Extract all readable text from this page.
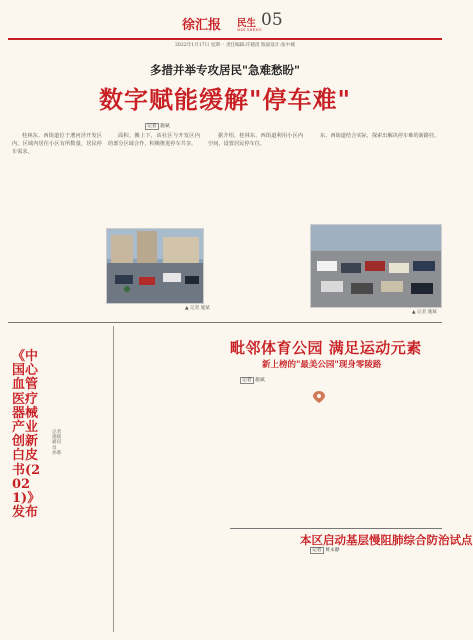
徐汇报 民生
MIN SHENG 05
2022年1月17日 星期一 责任编辑:许晓清 版面设计:张中城
多措并举专攻居民"急难愁盼"
数字赋能缓解"停车难"
记者 施斌

桂林东、西街道位于漕河泾开发区内，区域内居住小区有所数量，居民停车需求。

面积、搬上下，该社区与开发区内的部分区域合作，积极推进停车共享。

据介绍，桂林东、西街道利用小区内空间，设置居民停车位。

东、西街道结合实际，探索出解决停车难的新路径。

▲ 记者 施斌
▲ 记者 施斌
《中国心血管医疗器械产业创新白皮书(2021)》发布
记者 施斌 通讯员 孙蓉
毗邻体育公园 满足运动元素
新上榜的"最美公园"现身零陵路
记者 施斌
本区启动基层慢阻肺综合防治试点
记者 黄永静
